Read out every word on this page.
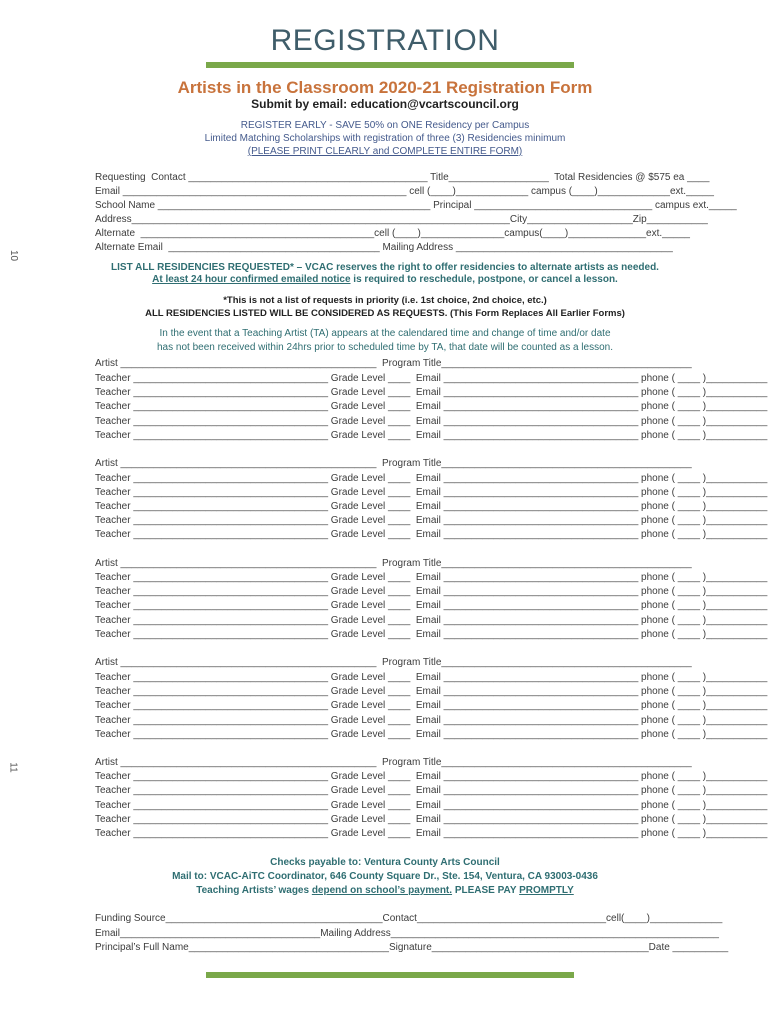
REGISTRATION
Artists in the Classroom 2020-21 Registration Form
Submit by email: education@vcartscouncil.org
REGISTER EARLY - SAVE 50% on ONE Residency per Campus
Limited Matching Scholarships with registration of three (3) Residencies minimum
(PLEASE PRINT CLEARLY and COMPLETE ENTIRE FORM)
10
11
Requesting  Contact ___________________________________________ Title__________________  Total Residencies @ $575 ea ____
Email ___________________________________________________ cell (____)_____________ campus (____)_____________ext._____
School Name _________________________________________________ Principal ________________________________ campus ext._____
Address____________________________________________________________________City___________________Zip___________
Alternate  __________________________________________cell (____)_______________campus(____)______________ext._____
Alternate Email  ______________________________________ Mailing Address _______________________________________
LIST ALL RESIDENCIES REQUESTED* – VCAC reserves the right to offer residencies to alternate artists as needed.
At least 24 hour confirmed emailed notice is required to reschedule, postpone, or cancel a lesson.
*This is not a list of requests in priority (i.e. 1st choice, 2nd choice, etc.)
ALL RESIDENCIES LISTED WILL BE CONSIDERED AS REQUESTS. (This Form Replaces All Earlier Forms)
In the event that a Teaching Artist (TA) appears at the calendared time and change of time and/or date
has not been received within 24hrs prior to scheduled time by TA, that date will be counted as a lesson.
Artist ______________________________________________  Program Title_____________________________________________
Teacher ___________________________________ Grade Level ____  Email ___________________________________ phone ( ____ )___________
Teacher ___________________________________ Grade Level ____  Email ___________________________________ phone ( ____ )___________
Teacher ___________________________________ Grade Level ____  Email ___________________________________ phone ( ____ )___________
Teacher ___________________________________ Grade Level ____  Email ___________________________________ phone ( ____ )___________
Teacher ___________________________________ Grade Level ____  Email ___________________________________ phone ( ____ )___________
Artist ______________________________________________  Program Title_____________________________________________
Teacher ___________________________________ Grade Level ____  Email ___________________________________ phone ( ____ )___________
Teacher ___________________________________ Grade Level ____  Email ___________________________________ phone ( ____ )___________
Teacher ___________________________________ Grade Level ____  Email ___________________________________ phone ( ____ )___________
Teacher ___________________________________ Grade Level ____  Email ___________________________________ phone ( ____ )___________
Teacher ___________________________________ Grade Level ____  Email ___________________________________ phone ( ____ )___________
Artist ______________________________________________  Program Title_____________________________________________
Teacher ___________________________________ Grade Level ____  Email ___________________________________ phone ( ____ )___________
Teacher ___________________________________ Grade Level ____  Email ___________________________________ phone ( ____ )___________
Teacher ___________________________________ Grade Level ____  Email ___________________________________ phone ( ____ )___________
Teacher ___________________________________ Grade Level ____  Email ___________________________________ phone ( ____ )___________
Teacher ___________________________________ Grade Level ____  Email ___________________________________ phone ( ____ )___________
Artist ______________________________________________  Program Title_____________________________________________
Teacher ___________________________________ Grade Level ____  Email ___________________________________ phone ( ____ )___________
Teacher ___________________________________ Grade Level ____  Email ___________________________________ phone ( ____ )___________
Teacher ___________________________________ Grade Level ____  Email ___________________________________ phone ( ____ )___________
Teacher ___________________________________ Grade Level ____  Email ___________________________________ phone ( ____ )___________
Teacher ___________________________________ Grade Level ____  Email ___________________________________ phone ( ____ )___________
Artist ______________________________________________  Program Title_____________________________________________
Teacher ___________________________________ Grade Level ____  Email ___________________________________ phone ( ____ )___________
Teacher ___________________________________ Grade Level ____  Email ___________________________________ phone ( ____ )___________
Teacher ___________________________________ Grade Level ____  Email ___________________________________ phone ( ____ )___________
Teacher ___________________________________ Grade Level ____  Email ___________________________________ phone ( ____ )___________
Teacher ___________________________________ Grade Level ____  Email ___________________________________ phone ( ____ )___________
Checks payable to: Ventura County Arts Council
Mail to: VCAC-AiTC Coordinator, 646 County Square Dr., Ste. 154, Ventura, CA 93003-0436
Teaching Artists’ wages depend on school’s payment. PLEASE PAY PROMPTLY
Funding Source_______________________________________Contact__________________________________cell(____)_____________
Email____________________________________Mailing Address___________________________________________________________
Principal’s Full Name____________________________________Signature_______________________________________Date __________
